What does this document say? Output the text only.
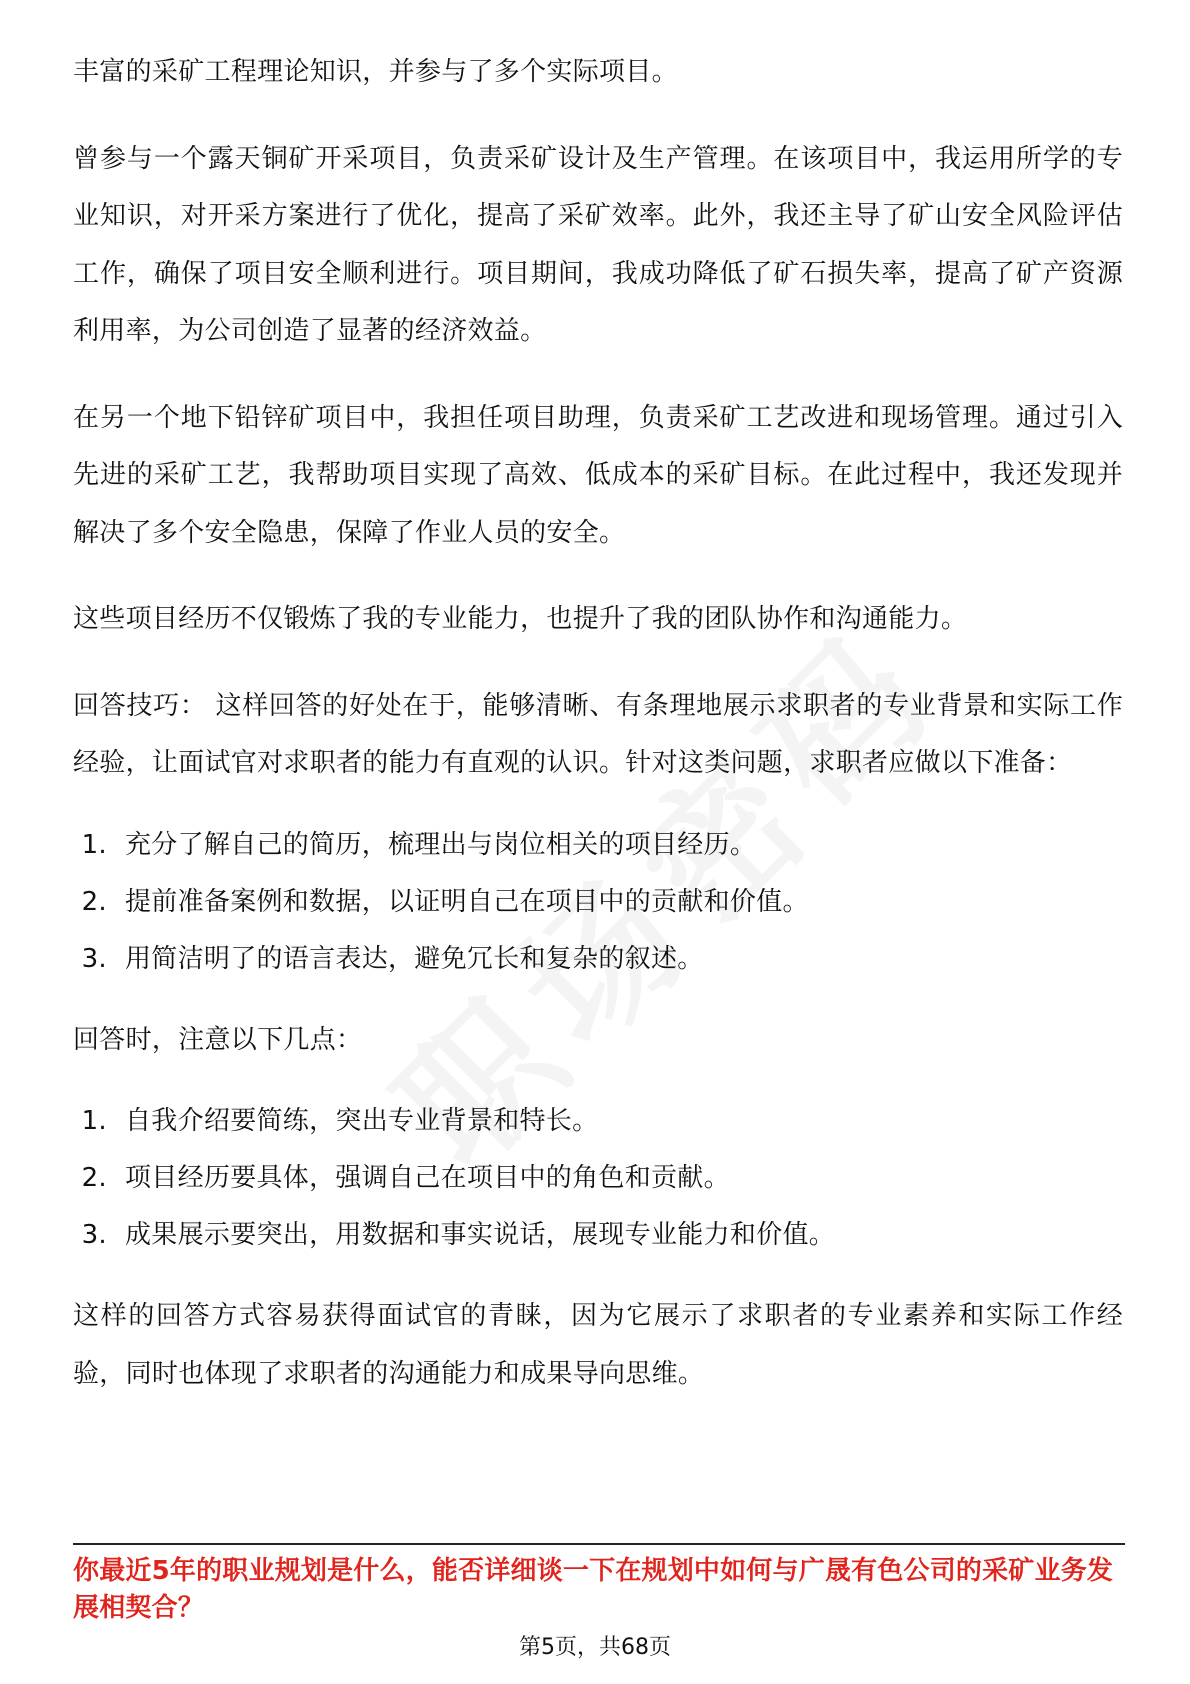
丰富的采矿工程理论知识，并参与了多个实际项目。

曾参与一个露天铜矿开采项目，负责采矿设计及生产管理。在该项目中，我运用所学的专业知识，对开采方案进行了优化，提高了采矿效率。此外，我还主导了矿山安全风险评估工作，确保了项目安全顺利进行。项目期间，我成功降低了矿石损失率，提高了矿产资源利用率，为公司创造了显著的经济效益。

在另一个地下铅锌矿项目中，我担任项目助理，负责采矿工艺改进和现场管理。通过引入先进的采矿工艺，我帮助项目实现了高效、低成本的采矿目标。在此过程中，我还发现并解决了多个安全隐患，保障了作业人员的安全。

这些项目经历不仅锻炼了我的专业能力，也提升了我的团队协作和沟通能力。

回答技巧： 这样回答的好处在于，能够清晰、有条理地展示求职者的专业背景和实际工作经验，让面试官对求职者的能力有直观的认识。针对这类问题，求职者应做以下准备：

1. 充分了解自己的简历，梳理出与岗位相关的项目经历。
2. 提前准备案例和数据，以证明自己在项目中的贡献和价值。
3. 用简洁明了的语言表达，避免冗长和复杂的叙述。

回答时，注意以下几点：

1. 自我介绍要简练，突出专业背景和特长。
2. 项目经历要具体，强调自己在项目中的角色和贡献。
3. 成果展示要突出，用数据和事实说话，展现专业能力和价值。

这样的回答方式容易获得面试官的青睐，因为它展示了求职者的专业素养和实际工作经验，同时也体现了求职者的沟通能力和成果导向思维。

你最近5年的职业规划是什么，能否详细谈一下在规划中如何与广晟有色公司的采矿业务发展相契合？

第5页，共68页
